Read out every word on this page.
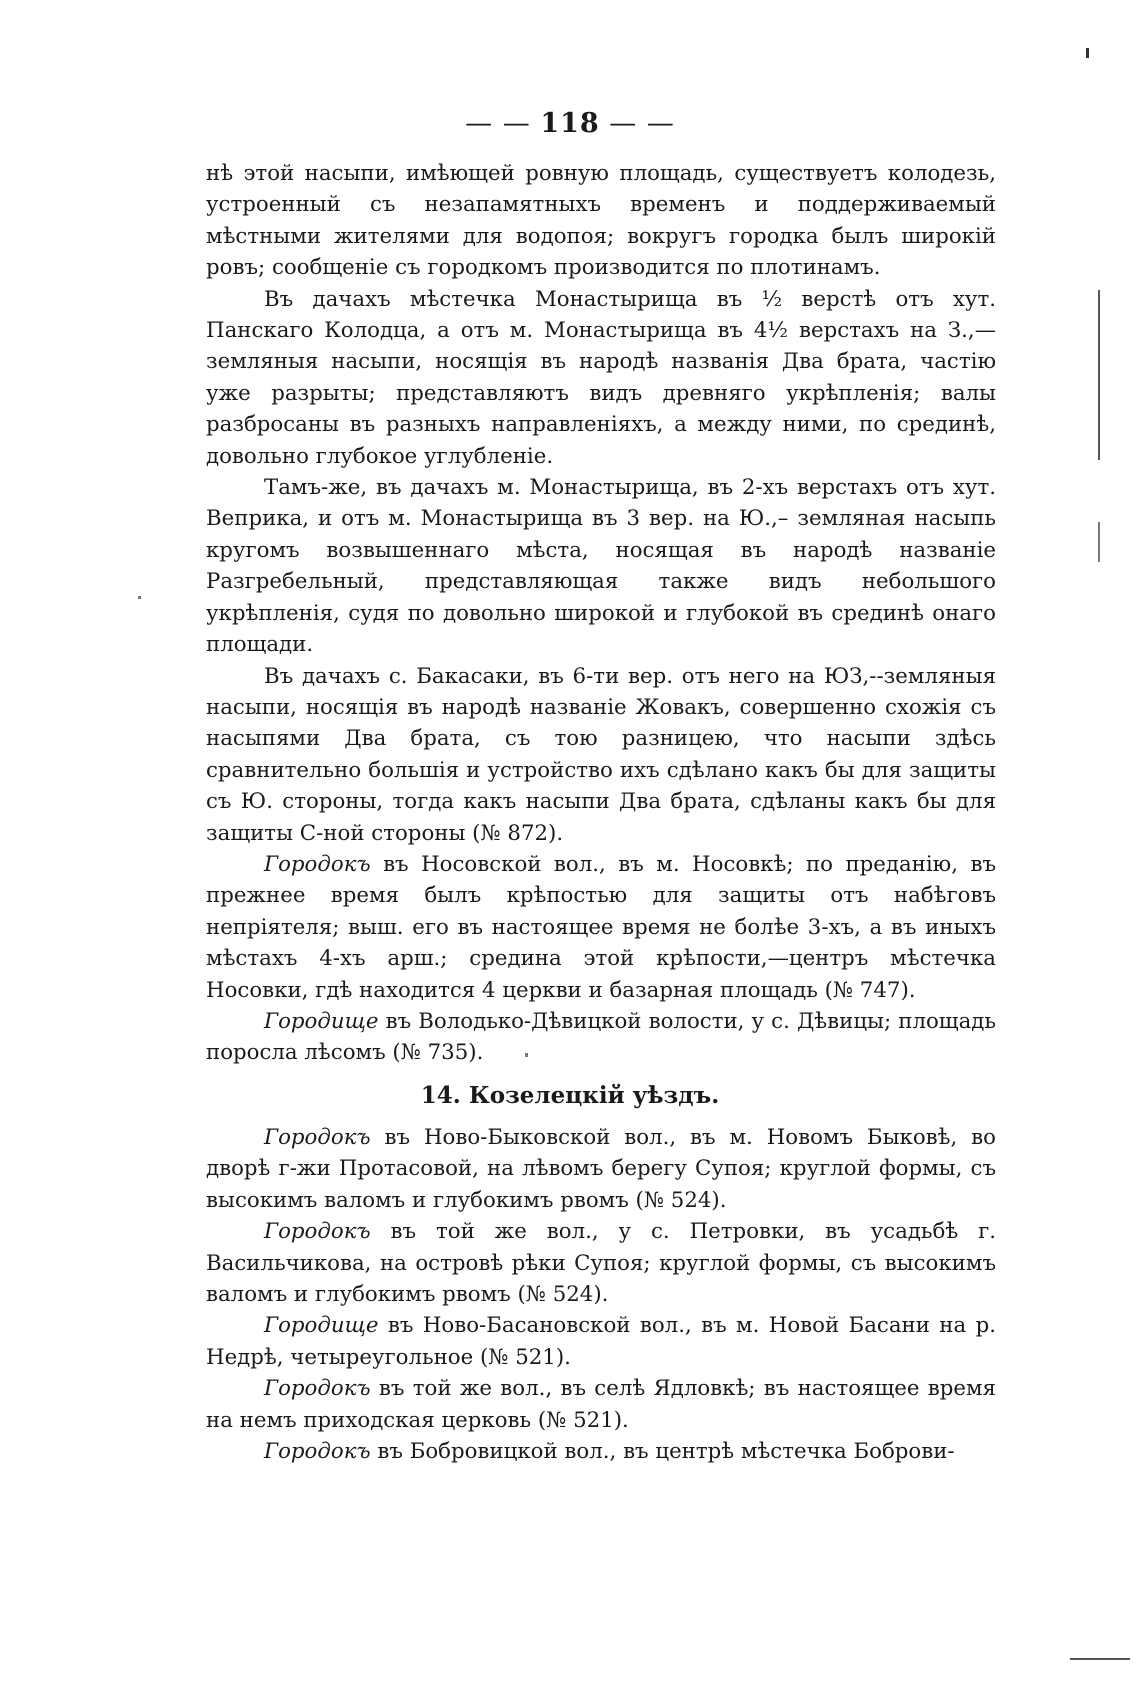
— — 118 — —

нѣ этой насыпи, имѣющей ровную площадь, существуетъ колодезь, устроенный съ незапамятныхъ временъ и поддерживаемый мѣстными жителями для водопоя; вокругъ городка былъ широкій ровъ; сообщеніе съ городкомъ производится по плотинамъ.

Въ дачахъ мѣстечка Монастырища въ ½ верстѣ отъ хут. Панскаго Колодца, а отъ м. Монастырища въ 4½ верстахъ на З.,— земляныя насыпи, носящія въ народѣ названія Два брата, частію уже разрыты; представляютъ видъ древняго укрѣпленія; валы разбросаны въ разныхъ направленіяхъ, а между ними, по срединѣ, довольно глубокое углубленіе.

Тамъ-же, въ дачахъ м. Монастырища, въ 2-хъ верстахъ отъ хут. Веприка, и отъ м. Монастырища въ 3 вер. на Ю.,– земляная насыпь кругомъ возвышеннаго мѣста, носящая въ народѣ названіе Разгребельный, представляющая также видъ небольшого укрѣпленія, судя по довольно широкой и глубокой въ срединѣ онаго площади.

Въ дачахъ с. Бакасаки, въ 6-ти вер. отъ него на ЮЗ,--земляныя насыпи, носящія въ народѣ названіе Жовакъ, совершенно схожія съ насыпями Два брата, съ тою разницею, что насыпи здѣсь сравнительно большія и устройство ихъ сдѣлано какъ бы для защиты съ Ю. стороны, тогда какъ насыпи Два брата, сдѣланы какъ бы для защиты С-ной стороны (№ 872).

Городокъ въ Носовской вол., въ м. Носовкѣ; по преданію, въ прежнее время былъ крѣпостью для защиты отъ набѣговъ непріятеля; выш. его въ настоящее время не болѣе 3-хъ, а въ иныхъ мѣстахъ 4-хъ арш.; средина этой крѣпости,—центръ мѣстечка Носовки, гдѣ находится 4 церкви и базарная площадь (№ 747).

Городище въ Володько-Дѣвицкой волости, у с. Дѣвицы; площадь поросла лѣсомъ (№ 735).

14. Козелецкій уѣздъ.

Городокъ въ Ново-Быковской вол., въ м. Новомъ Быковѣ, во дворѣ г-жи Протасовой, на лѣвомъ берегу Супоя; круглой формы, съ высокимъ валомъ и глубокимъ рвомъ (№ 524).

Городокъ въ той же вол., у с. Петровки, въ усадьбѣ г. Васильчикова, на островѣ рѣки Супоя; круглой формы, съ высокимъ валомъ и глубокимъ рвомъ (№ 524).

Городище въ Ново-Басановской вол., въ м. Новой Басани на р. Недрѣ, четыреугольное (№ 521).

Городокъ въ той же вол., въ селѣ Ядловкѣ; въ настоящее время на немъ приходская церковь (№ 521).

Городокъ въ Бобровицкой вол., въ центрѣ мѣстечка Боброви-
